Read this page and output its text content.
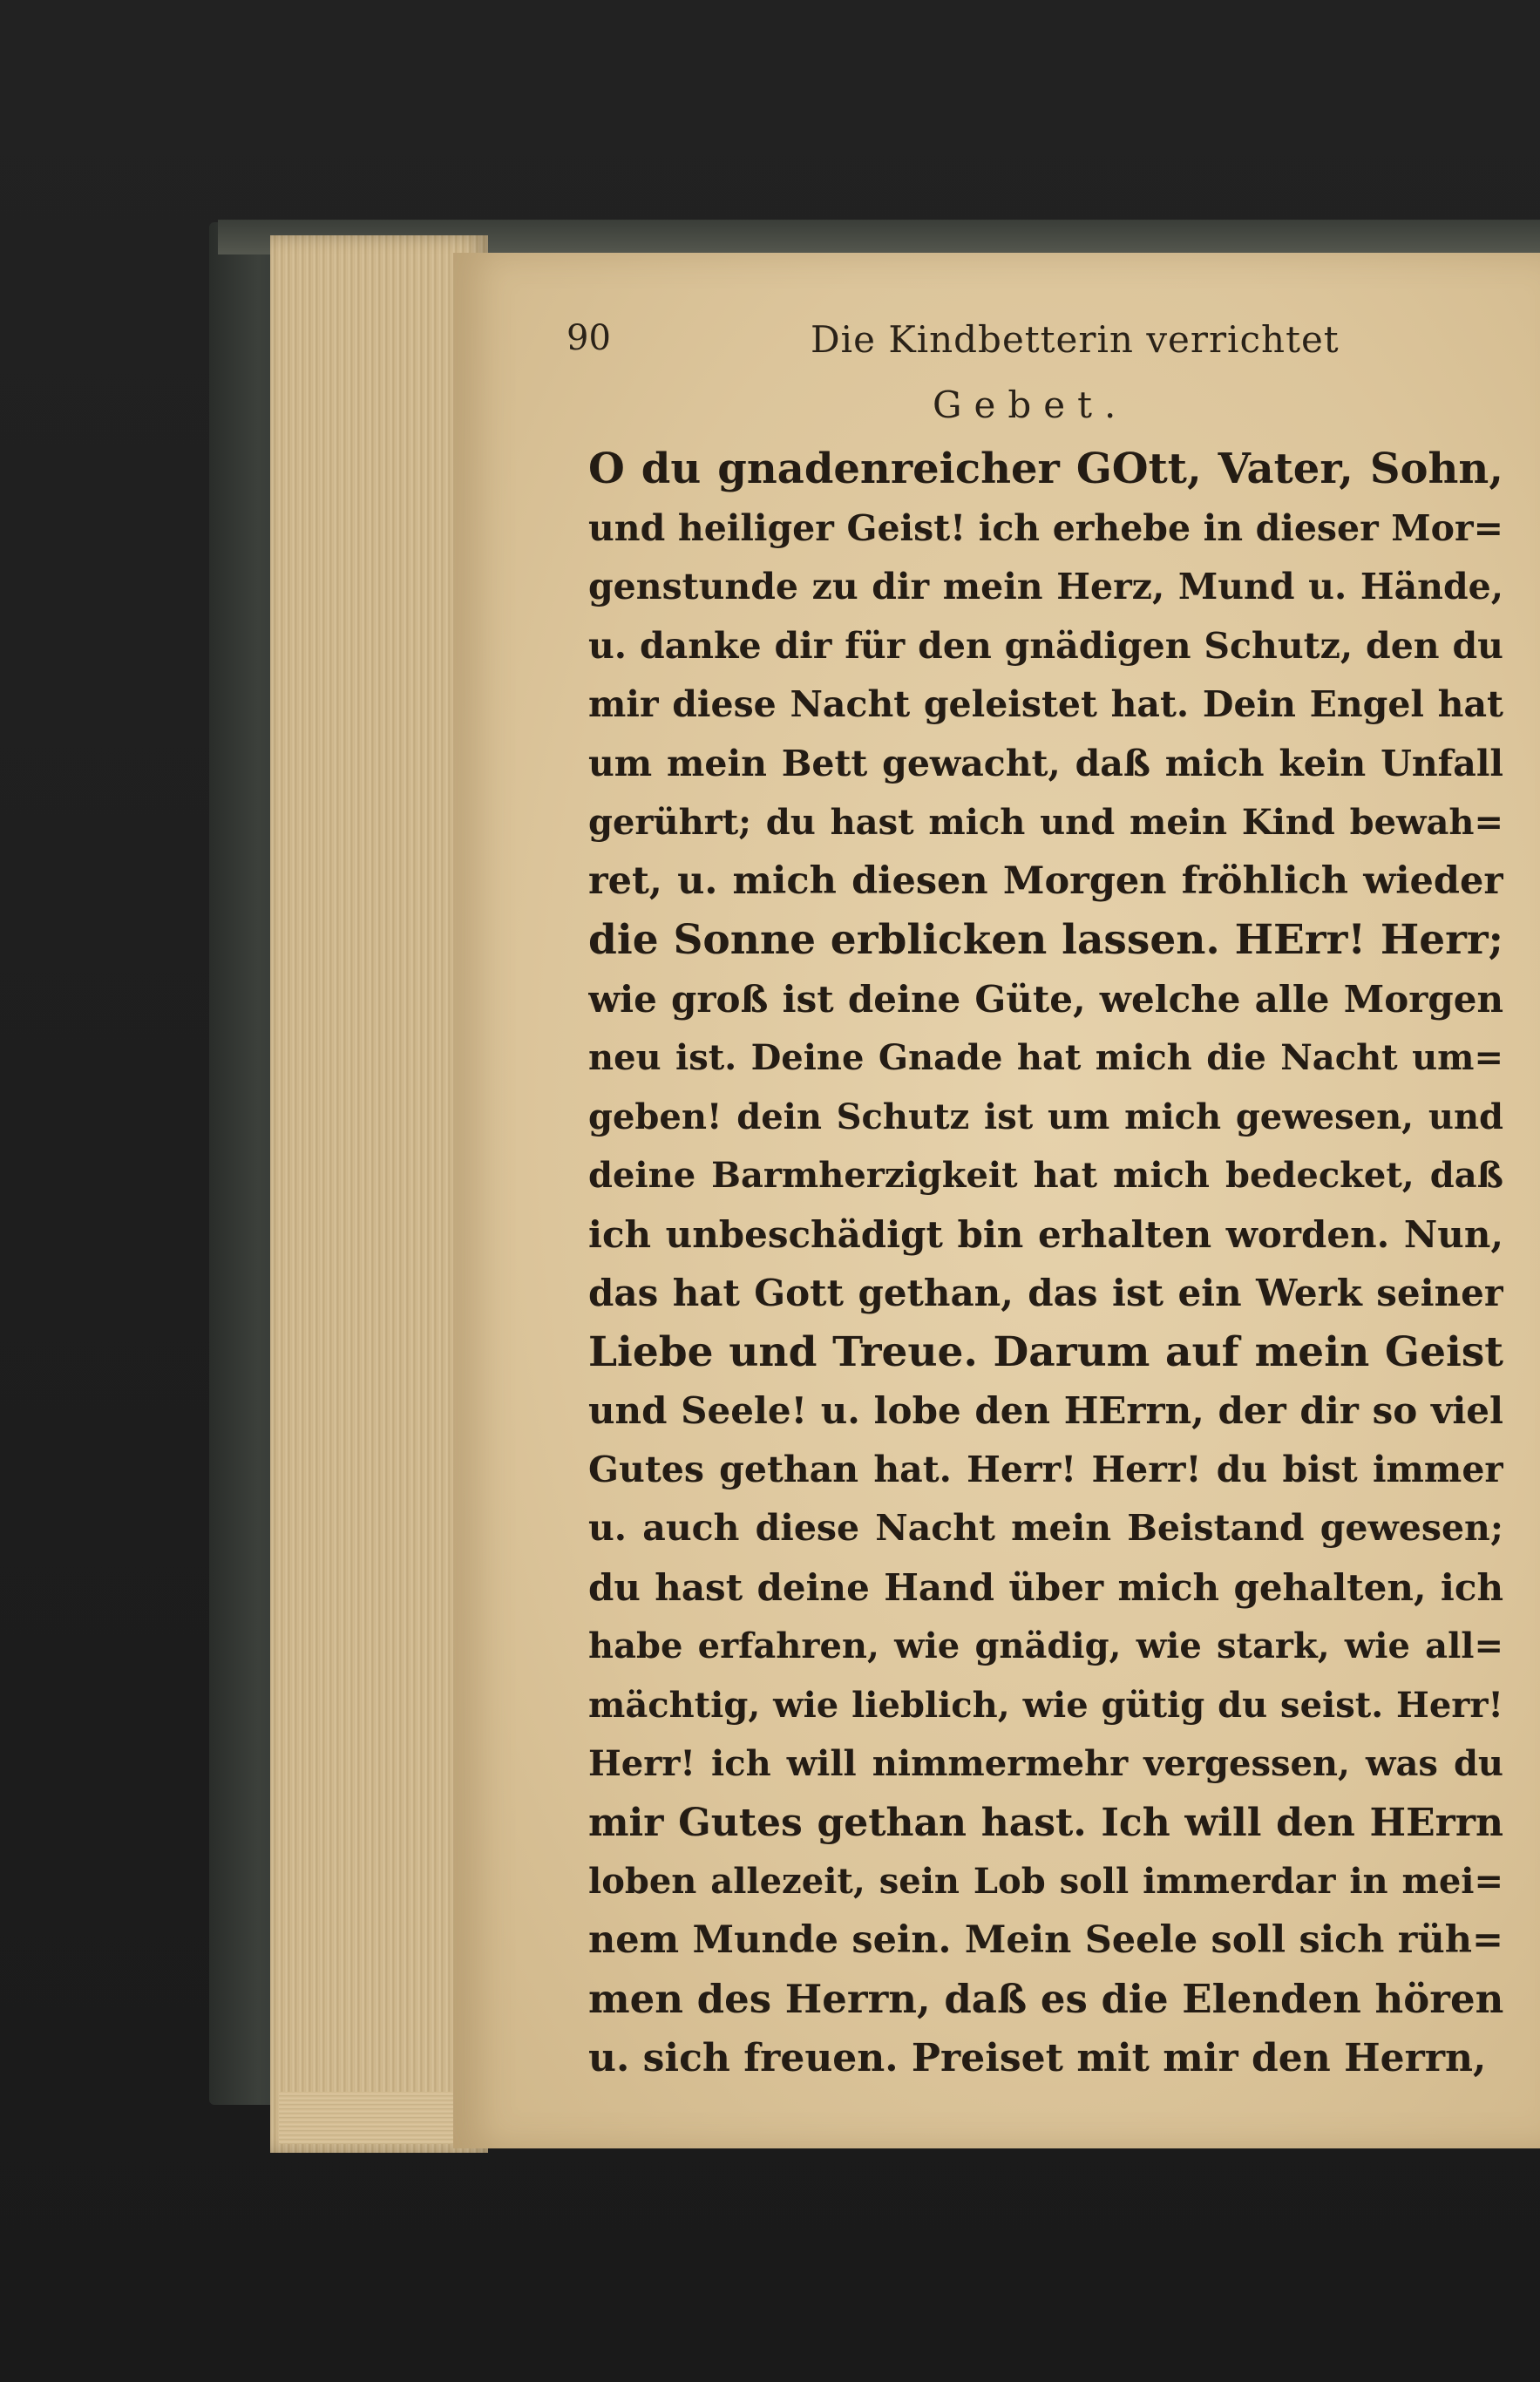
90	Die Kindbetterin verrichtet
Gebet.
O du gnadenreicher GOtt, Vater, Sohn,
und heiliger Geist! ich erhebe in dieser Mor=
genstunde zu dir mein Herz, Mund u. Hände,
u. danke dir für den gnädigen Schutz, den du
mir diese Nacht geleistet hat. Dein Engel hat
um mein Bett gewacht, daß mich kein Unfall
gerührt; du hast mich und mein Kind bewah=
ret, u. mich diesen Morgen fröhlich wieder
die Sonne erblicken lassen. HErr! Herr;
wie groß ist deine Güte, welche alle Morgen
neu ist. Deine Gnade hat mich die Nacht um=
geben! dein Schutz ist um mich gewesen, und
deine Barmherzigkeit hat mich bedecket, daß
ich unbeschädigt bin erhalten worden. Nun,
das hat Gott gethan, das ist ein Werk seiner
Liebe und Treue. Darum auf mein Geist
und Seele! u. lobe den HErrn, der dir so viel
Gutes gethan hat. Herr! Herr! du bist immer
u. auch diese Nacht mein Beistand gewesen;
du hast deine Hand über mich gehalten, ich
habe erfahren, wie gnädig, wie stark, wie all=
mächtig, wie lieblich, wie gütig du seist. Herr!
Herr! ich will nimmermehr vergessen, was du
mir Gutes gethan hast. Ich will den HErrn
loben allezeit, sein Lob soll immerdar in mei=
nem Munde sein. Mein Seele soll sich rüh=
men des Herrn, daß es die Elenden hören
u. sich freuen. Preiset mit mir den Herrn,
